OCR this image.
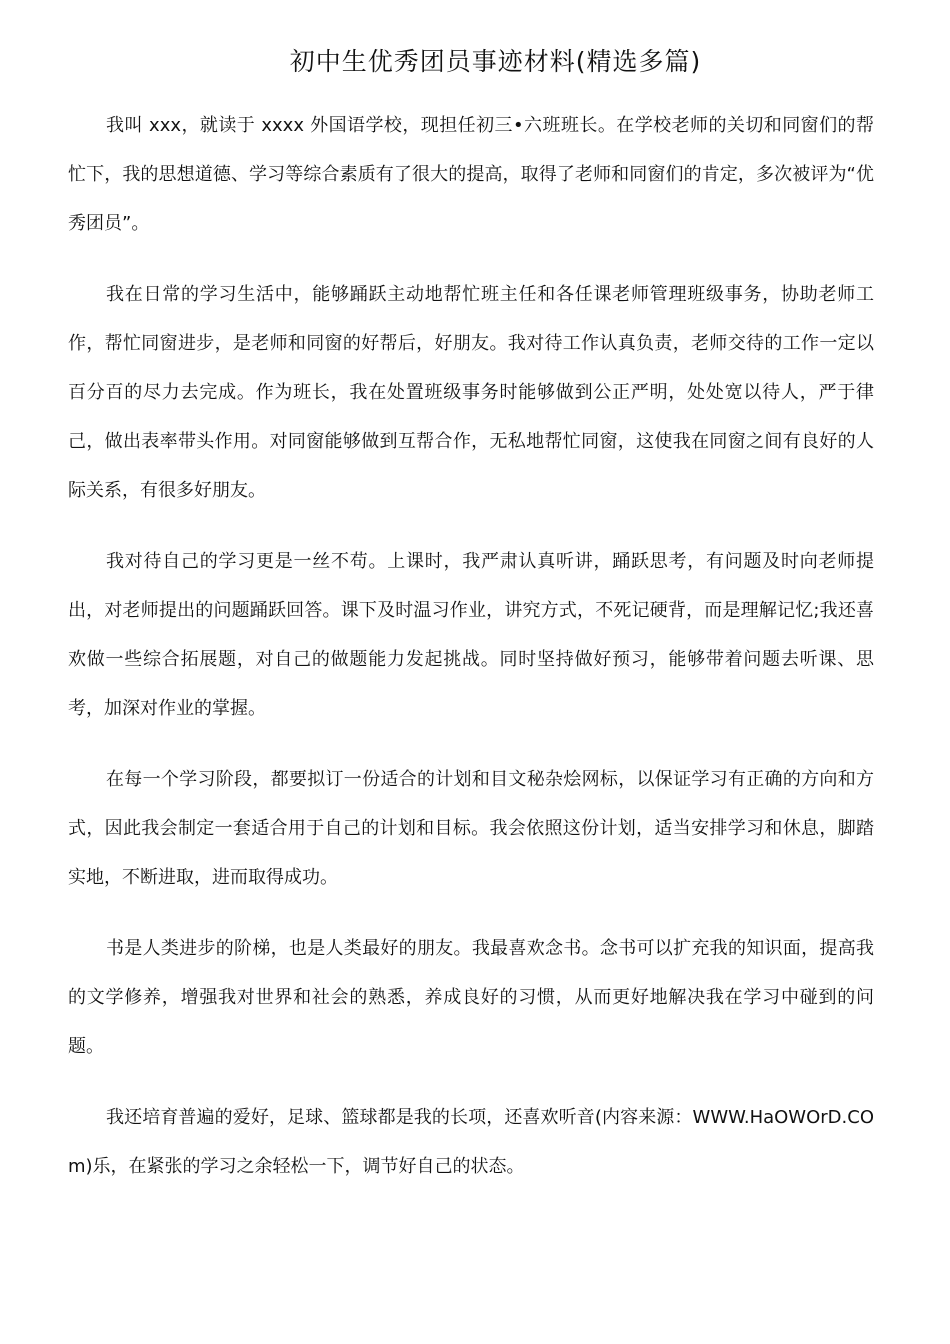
初中生优秀团员事迹材料(精选多篇)

我叫 xxx，就读于 xxxx 外国语学校，现担任初三•六班班长。在学校老师的关切和同窗们的帮忙下，我的思想道德、学习等综合素质有了很大的提高，取得了老师和同窗们的肯定，多次被评为“优秀团员”。

我在日常的学习生活中，能够踊跃主动地帮忙班主任和各任课老师管理班级事务，协助老师工作，帮忙同窗进步，是老师和同窗的好帮后，好朋友。我对待工作认真负责，老师交待的工作一定以百分百的尽力去完成。作为班长，我在处置班级事务时能够做到公正严明，处处宽以待人，严于律己，做出表率带头作用。对同窗能够做到互帮合作，无私地帮忙同窗，这使我在同窗之间有良好的人际关系，有很多好朋友。

我对待自己的学习更是一丝不苟。上课时，我严肃认真听讲，踊跃思考，有问题及时向老师提出，对老师提出的问题踊跃回答。课下及时温习作业，讲究方式，不死记硬背，而是理解记忆;我还喜欢做一些综合拓展题，对自己的做题能力发起挑战。同时坚持做好预习，能够带着问题去听课、思考，加深对作业的掌握。

在每一个学习阶段，都要拟订一份适合的计划和目文秘杂烩网标，以保证学习有正确的方向和方式，因此我会制定一套适合用于自己的计划和目标。我会依照这份计划，适当安排学习和休息，脚踏实地，不断进取，进而取得成功。

书是人类进步的阶梯，也是人类最好的朋友。我最喜欢念书。念书可以扩充我的知识面，提高我的文学修养，增强我对世界和社会的熟悉，养成良好的习惯，从而更好地解决我在学习中碰到的问题。

我还培育普遍的爱好，足球、篮球都是我的长项，还喜欢听音(内容来源：WWW.HaOWOrD.COm)乐，在紧张的学习之余轻松一下，调节好自己的状态。
